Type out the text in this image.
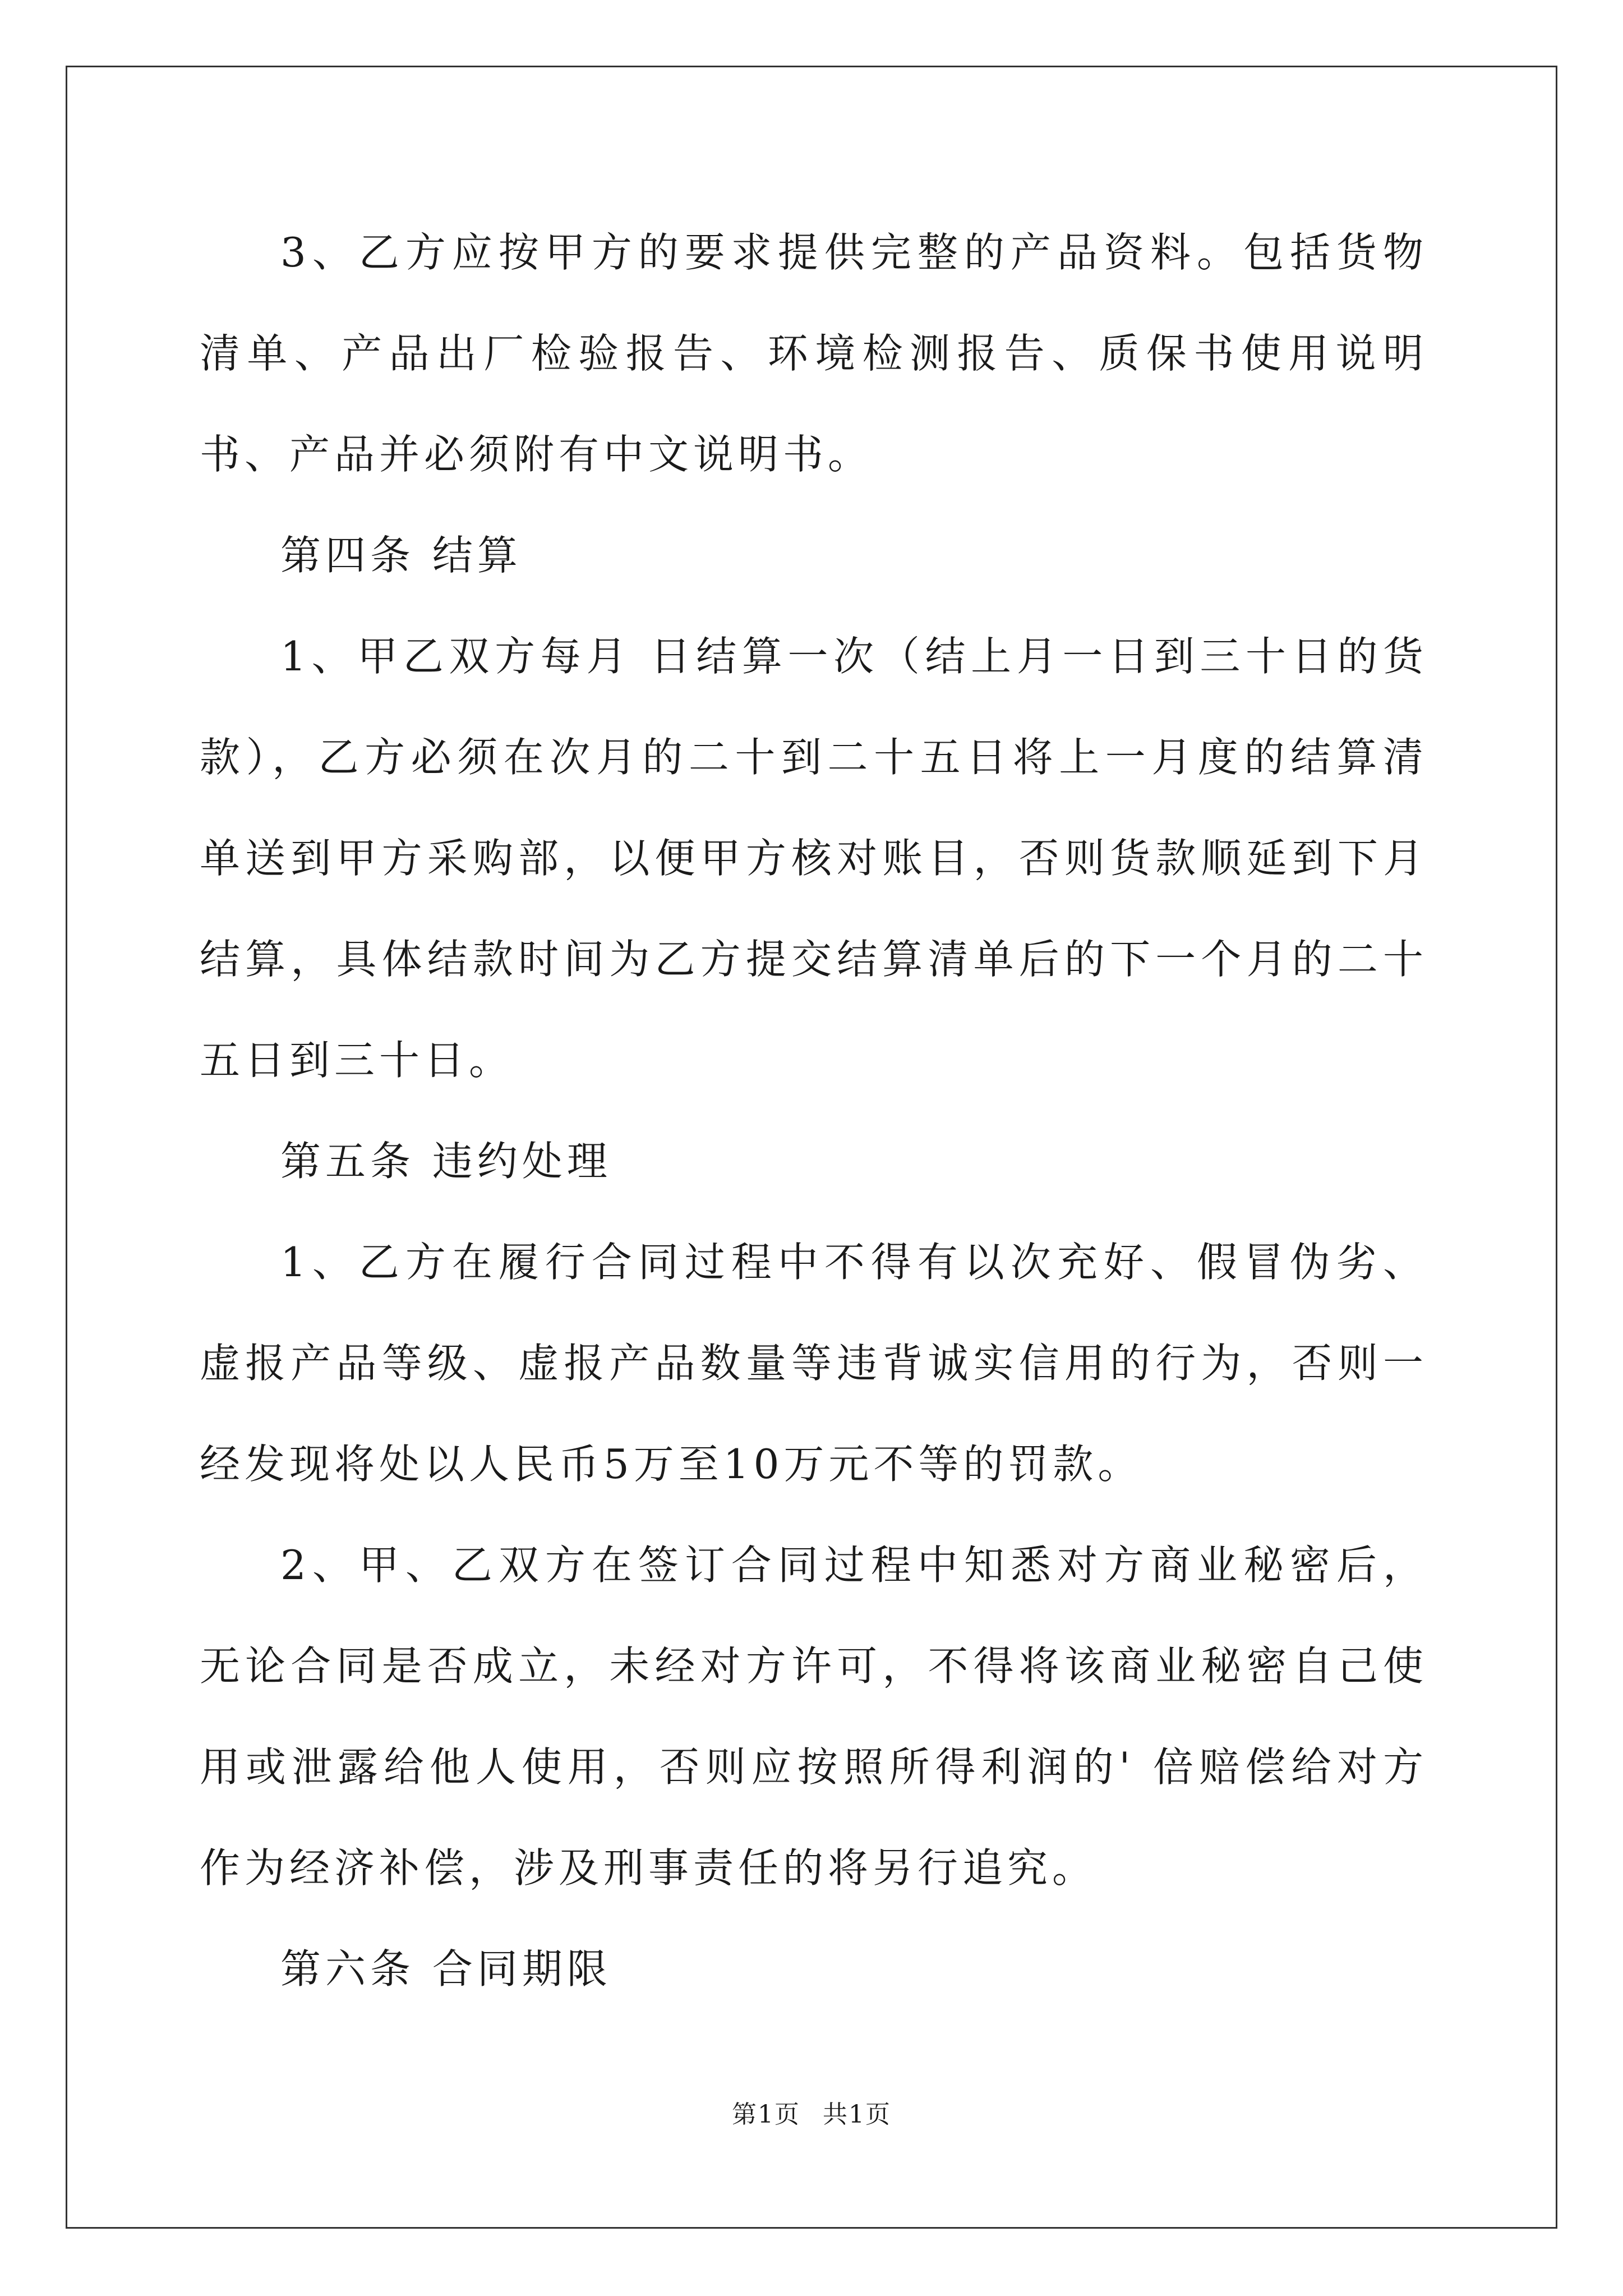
3、乙方应按甲方的要求提供完整的产品资料。包括货物清单、产品出厂检验报告、环境检测报告、质保书使用说明书、产品并必须附有中文说明书。

第四条 结算

1、甲乙双方每月 日结算一次（结上月一日到三十日的货款），乙方必须在次月的二十到二十五日将上一月度的结算清单送到甲方采购部，以便甲方核对账目，否则货款顺延到下月结算，具体结款时间为乙方提交结算清单后的下一个月的二十五日到三十日。

第五条 违约处理

1、乙方在履行合同过程中不得有以次充好、假冒伪劣、虚报产品等级、虚报产品数量等违背诚实信用的行为，否则一经发现将处以人民币5万至10万元不等的罚款。

2、甲、乙双方在签订合同过程中知悉对方商业秘密后，无论合同是否成立，未经对方许可，不得将该商业秘密自己使用或泄露给他人使用，否则应按照所得利润的' 倍赔偿给对方作为经济补偿，涉及刑事责任的将另行追究。

第六条 合同期限

第1页 共1页
